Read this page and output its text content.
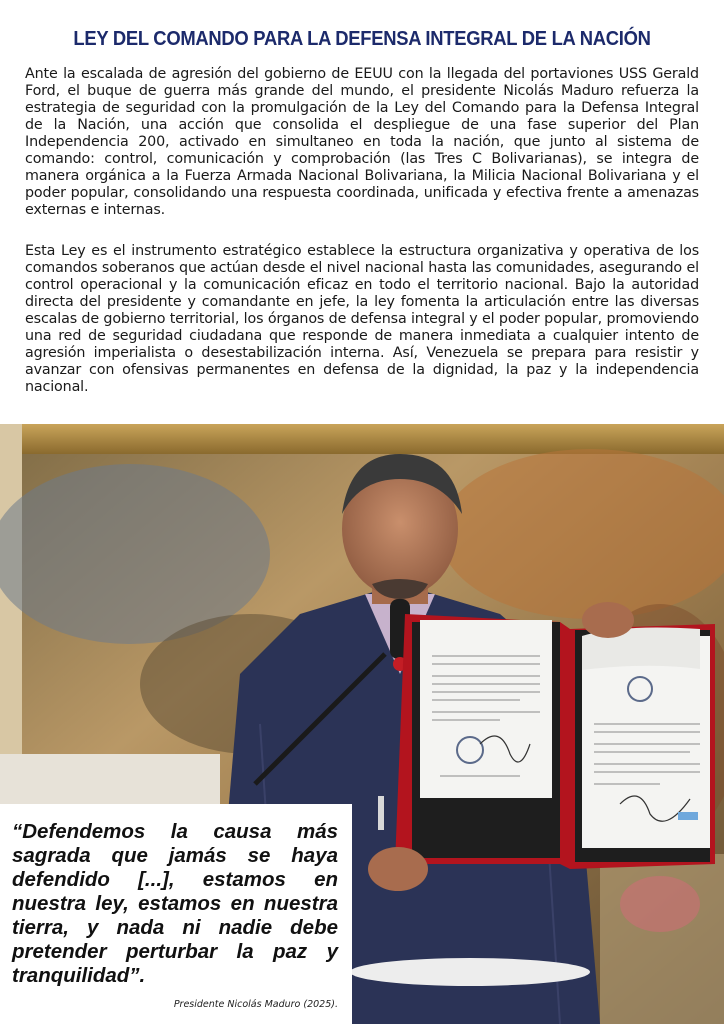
LEY DEL COMANDO PARA LA DEFENSA INTEGRAL DE LA NACIÓN

Ante la escalada de agresión del gobierno de EEUU con la llegada del portaviones USS Gerald Ford, el buque de guerra más grande del mundo, el presidente Nicolás Maduro refuerza la estrategia de seguridad con la promulgación de la Ley del Comando para la Defensa Integral de la Nación, una acción que consolida el despliegue de una fase superior del Plan Independencia 200, activado en simultaneo en toda la nación, que junto al sistema de comando: control, comunicación y comprobación (las Tres C Bolivarianas), se integra de manera orgánica a la Fuerza Armada Nacional Bolivariana, la Milicia Nacional Bolivariana y el poder popular, consolidando una respuesta coordinada, unificada y efectiva frente a amenazas externas e internas.

Esta Ley es el instrumento estratégico establece la estructura organizativa y operativa de los comandos soberanos que actúan desde el nivel nacional hasta las comunidades, asegurando el control operacional y la comunicación eficaz en todo el territorio nacional. Bajo la autoridad directa del presidente y comandante en jefe, la ley fomenta la articulación entre las diversas escalas de gobierno territorial, los órganos de defensa integral y el poder popular, promoviendo una red de seguridad ciudadana que responde de manera inmediata a cualquier intento de agresión imperialista o desestabilización interna. Así, Venezuela se prepara para resistir y avanzar con ofensivas permanentes en defensa de la dignidad, la paz y la independencia nacional.

“Defendemos la causa más sagrada que jamás se haya defendido [...], estamos en nuestra ley, estamos en nuestra tierra, y nada ni nadie debe pretender perturbar la paz y tranquilidad”.

Presidente Nicolás Maduro (2025).
